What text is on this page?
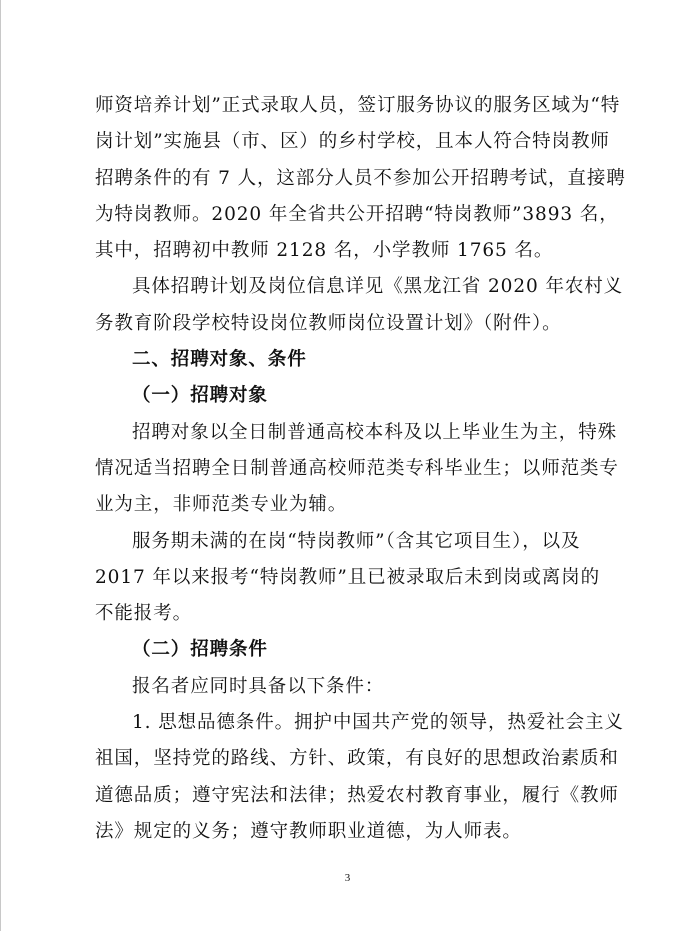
师资培养计划”正式录取人员，签订服务协议的服务区域为“特
岗计划”实施县（市、区）的乡村学校，且本人符合特岗教师
招聘条件的有 7 人，这部分人员不参加公开招聘考试，直接聘
为特岗教师。2020 年全省共公开招聘“特岗教师”3893 名，
其中，招聘初中教师 2128 名，小学教师 1765 名。
具体招聘计划及岗位信息详见《黑龙江省 2020 年农村义
务教育阶段学校特设岗位教师岗位设置计划》（附件）。
二、招聘对象、条件
（一）招聘对象
招聘对象以全日制普通高校本科及以上毕业生为主，特殊
情况适当招聘全日制普通高校师范类专科毕业生；以师范类专
业为主，非师范类专业为辅。
服务期未满的在岗“特岗教师”（含其它项目生），以及
2017 年以来报考“特岗教师”且已被录取后未到岗或离岗的
不能报考。
（二）招聘条件
报名者应同时具备以下条件：
1. 思想品德条件。拥护中国共产党的领导，热爱社会主义
祖国，坚持党的路线、方针、政策，有良好的思想政治素质和
道德品质；遵守宪法和法律；热爱农村教育事业，履行《教师
法》规定的义务；遵守教师职业道德，为人师表。
3
